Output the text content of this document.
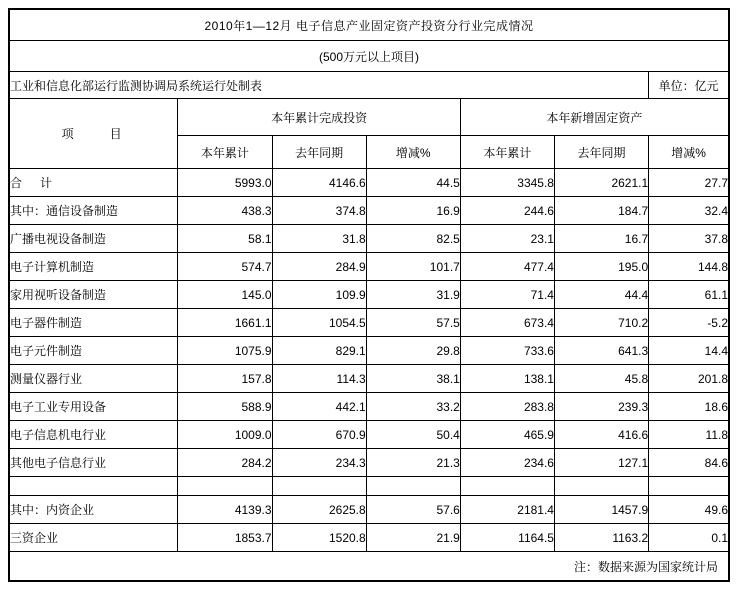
2010年1—12月 电子信息产业固定资产投资分行业完成情况						
(500万元以上项目)						
工业和信息化部运行监测协调局系统运行处制表						单位：亿元
项　　目	本年累计完成投资			本年新增固定资产		
	本年累计	去年同期	增减%	本年累计	去年同期	增减%
合　计	5993.0	4146.6	44.5	3345.8	2621.1	27.7
其中：通信设备制造	438.3	374.8	16.9	244.6	184.7	32.4
广播电视设备制造	58.1	31.8	82.5	23.1	16.7	37.8
电子计算机制造	574.7	284.9	101.7	477.4	195.0	144.8
家用视听设备制造	145.0	109.9	31.9	71.4	44.4	61.1
电子器件制造	1661.1	1054.5	57.5	673.4	710.2	-5.2
电子元件制造	1075.9	829.1	29.8	733.6	641.3	14.4
测量仪器行业	157.8	114.3	38.1	138.1	45.8	201.8
电子工业专用设备	588.9	442.1	33.2	283.8	239.3	18.6
电子信息机电行业	1009.0	670.9	50.4	465.9	416.6	11.8
其他电子信息行业	284.2	234.3	21.3	234.6	127.1	84.6

其中：内资企业	4139.3	2625.8	57.6	2181.4	1457.9	49.6
三资企业	1853.7	1520.8	21.9	1164.5	1163.2	0.1
注：数据来源为国家统计局						
